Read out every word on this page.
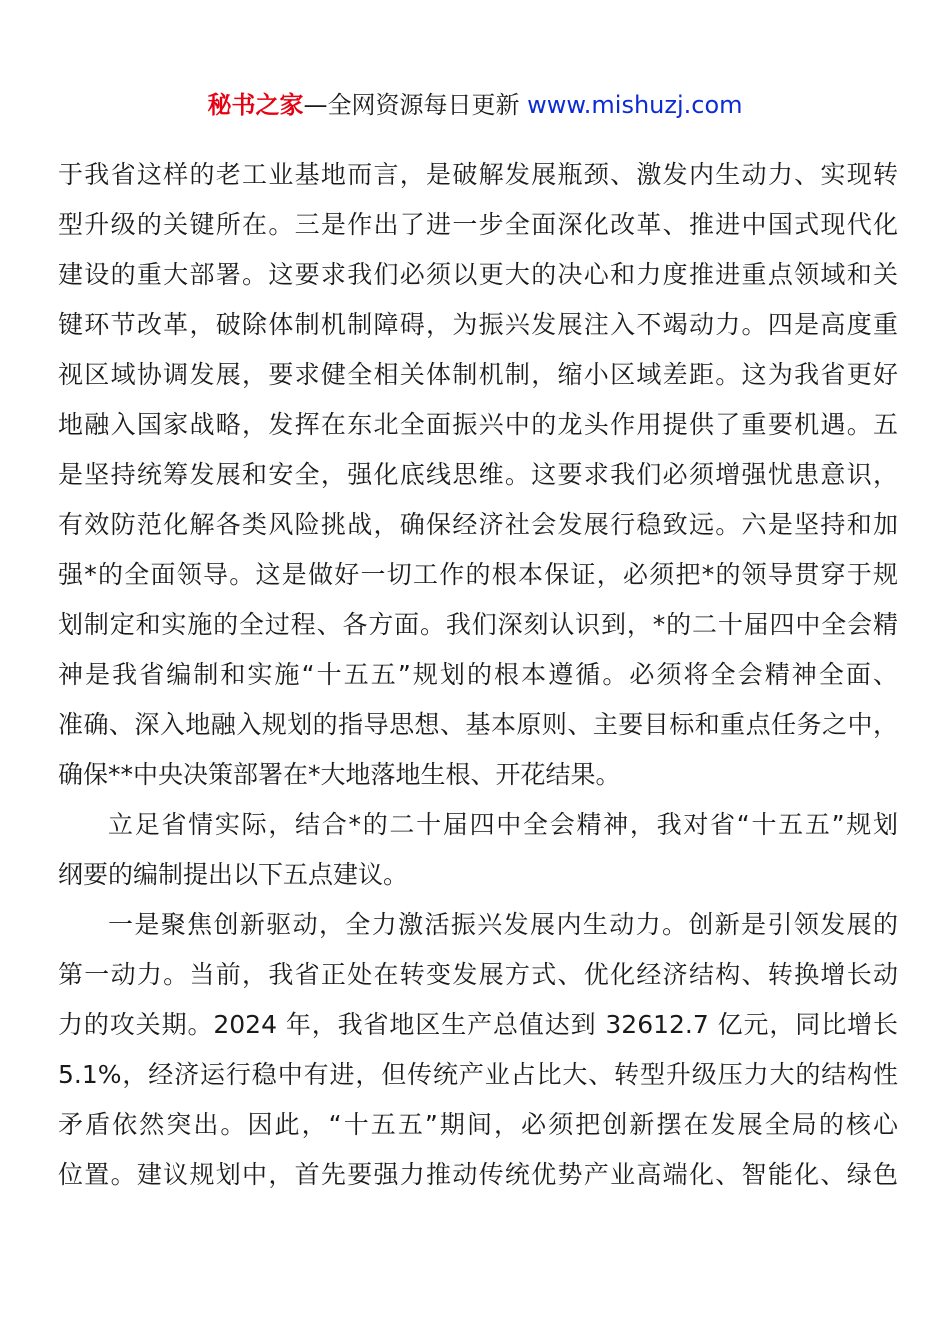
秘书之家—全网资源每日更新 www.mishuzj.com
于我省这样的老工业基地而言，是破解发展瓶颈、激发内生动力、实现转
型升级的关键所在。三是作出了进一步全面深化改革、推进中国式现代化
建设的重大部署。这要求我们必须以更大的决心和力度推进重点领域和关
键环节改革，破除体制机制障碍，为振兴发展注入不竭动力。四是高度重
视区域协调发展，要求健全相关体制机制，缩小区域差距。这为我省更好
地融入国家战略，发挥在东北全面振兴中的龙头作用提供了重要机遇。五
是坚持统筹发展和安全，强化底线思维。这要求我们必须增强忧患意识，
有效防范化解各类风险挑战，确保经济社会发展行稳致远。六是坚持和加
强*的全面领导。这是做好一切工作的根本保证，必须把*的领导贯穿于规
划制定和实施的全过程、各方面。我们深刻认识到，*的二十届四中全会精
神是我省编制和实施“十五五”规划的根本遵循。必须将全会精神全面、
准确、深入地融入规划的指导思想、基本原则、主要目标和重点任务之中，
确保**中央决策部署在*大地落地生根、开花结果。
立足省情实际，结合*的二十届四中全会精神，我对省“十五五”规划
纲要的编制提出以下五点建议。
一是聚焦创新驱动，全力激活振兴发展内生动力。创新是引领发展的
第一动力。当前，我省正处在转变发展方式、优化经济结构、转换增长动
力的攻关期。2024 年，我省地区生产总值达到 32612.7 亿元，同比增长
5.1%，经济运行稳中有进，但传统产业占比大、转型升级压力大的结构性
矛盾依然突出。因此，“十五五”期间，必须把创新摆在发展全局的核心
位置。建议规划中，首先要强力推动传统优势产业高端化、智能化、绿色
